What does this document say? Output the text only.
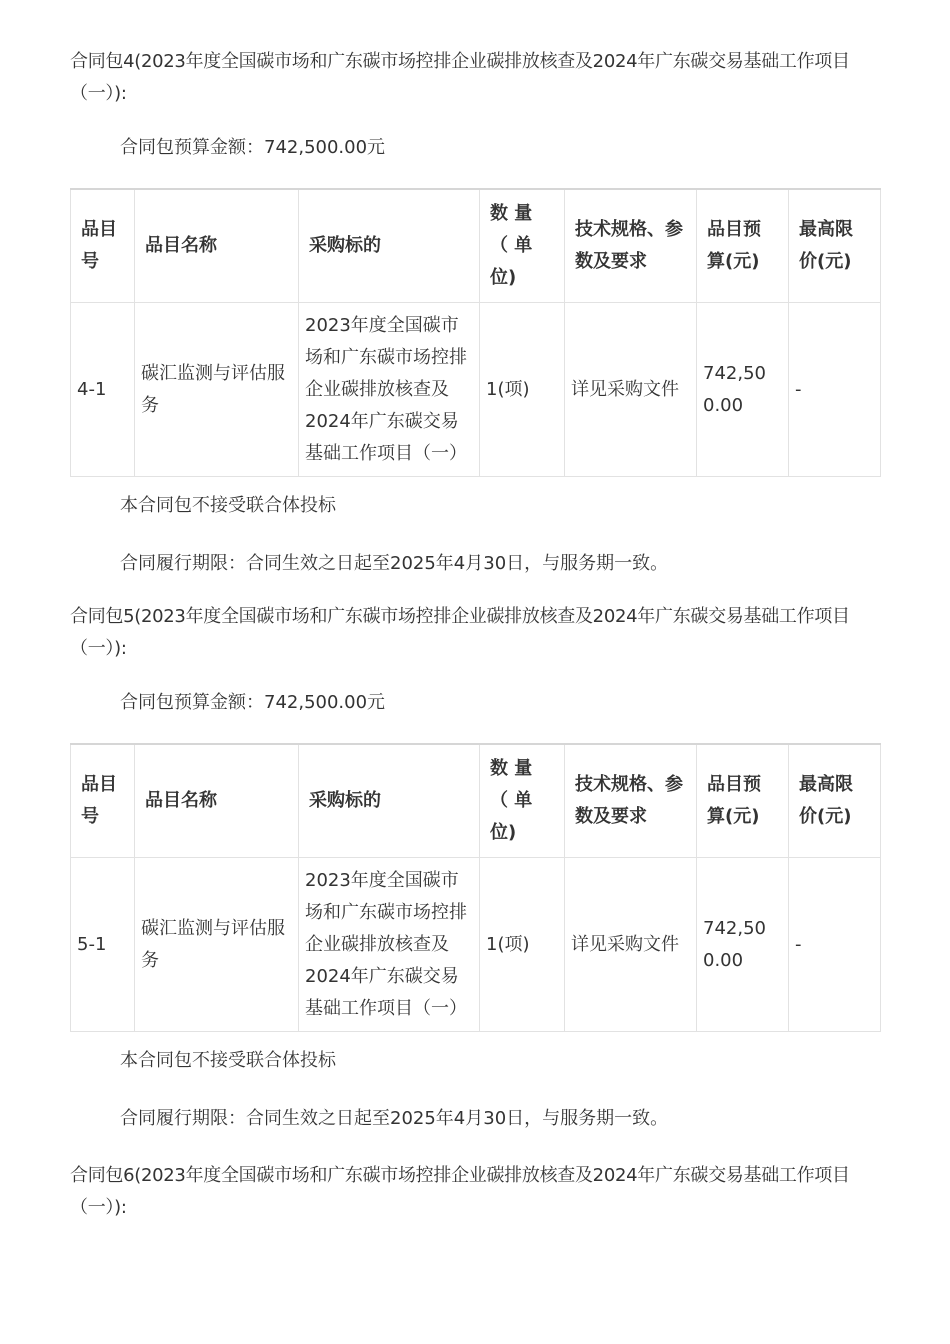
合同包4(2023年度全国碳市场和广东碳市场控排企业碳排放核查及2024年广东碳交易基础工作项目（一）):

合同包预算金额：742,500.00元

品目号	品目名称	采购标的	数 量 （ 单 位)	技术规格、参数及要求	品目预算(元)	最高限价(元)
4-1	碳汇监测与评估服务	2023年度全国碳市场和广东碳市场控排企业碳排放核查及2024年广东碳交易基础工作项目（一）	1(项)	详见采购文件	742,500.00	-

本合同包不接受联合体投标

合同履行期限：合同生效之日起至2025年4月30日，与服务期一致。

合同包5(2023年度全国碳市场和广东碳市场控排企业碳排放核查及2024年广东碳交易基础工作项目（一）):

合同包预算金额：742,500.00元

品目号	品目名称	采购标的	数 量 （ 单 位)	技术规格、参数及要求	品目预算(元)	最高限价(元)
5-1	碳汇监测与评估服务	2023年度全国碳市场和广东碳市场控排企业碳排放核查及2024年广东碳交易基础工作项目（一）	1(项)	详见采购文件	742,500.00	-

本合同包不接受联合体投标

合同履行期限：合同生效之日起至2025年4月30日，与服务期一致。

合同包6(2023年度全国碳市场和广东碳市场控排企业碳排放核查及2024年广东碳交易基础工作项目（一）):
